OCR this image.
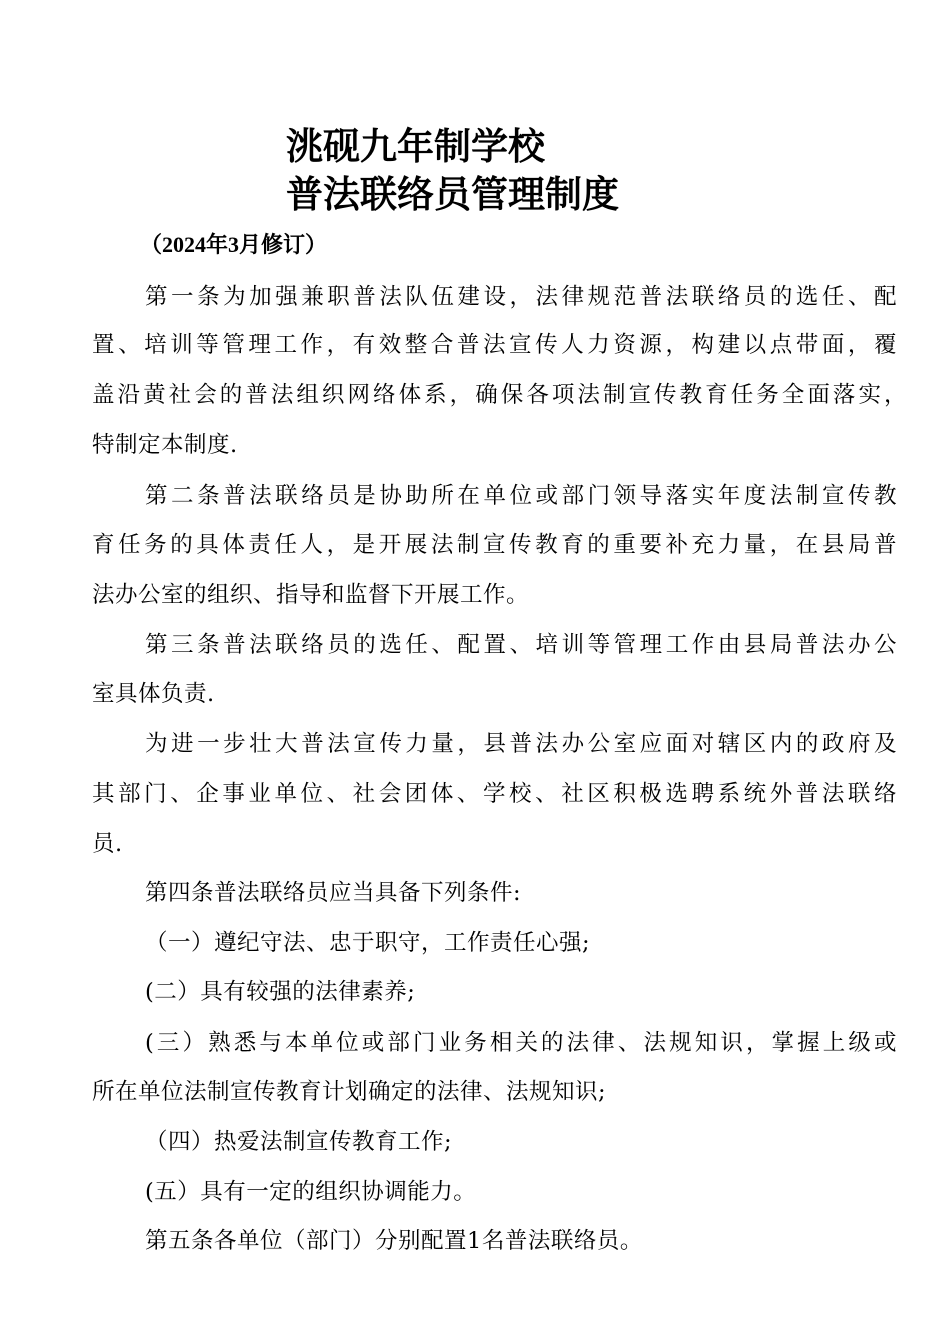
洮砚九年制学校
普法联络员管理制度
（2024年3月修订）
第一条为加强兼职普法队伍建设，法律规范普法联络员的选任、配
置、培训等管理工作，有效整合普法宣传人力资源，构建以点带面，覆
盖沿黄社会的普法组织网络体系，确保各项法制宣传教育任务全面落实，
特制定本制度.
第二条普法联络员是协助所在单位或部门领导落实年度法制宣传教
育任务的具体责任人，是开展法制宣传教育的重要补充力量，在县局普
法办公室的组织、指导和监督下开展工作。
第三条普法联络员的选任、配置、培训等管理工作由县局普法办公
室具体负责.
为进一步壮大普法宣传力量，县普法办公室应面对辖区内的政府及
其部门、企事业单位、社会团体、学校、社区积极选聘系统外普法联络
员.
第四条普法联络员应当具备下列条件:
（一）遵纪守法、忠于职守，工作责任心强;
(二）具有较强的法律素养;
(三）熟悉与本单位或部门业务相关的法律、法规知识，掌握上级或
所在单位法制宣传教育计划确定的法律、法规知识;
（四）热爱法制宣传教育工作;
(五）具有一定的组织协调能力。
第五条各单位（部门）分别配置1名普法联络员。
